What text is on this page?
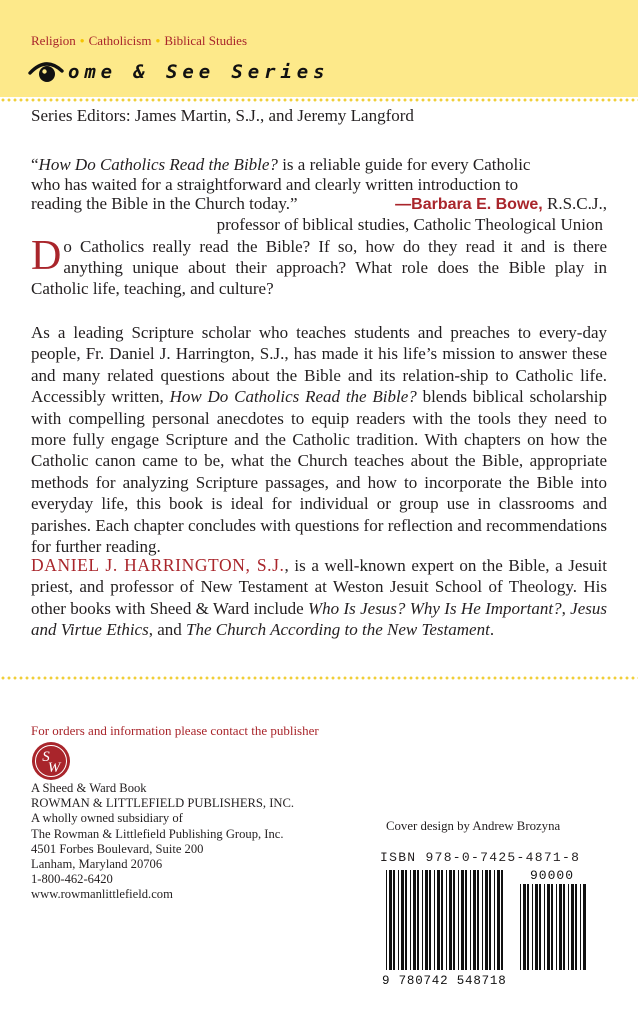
Religion ● Catholicism ● Biblical Studies
ome & See Series
Series Editors: James Martin, S.J., and Jeremy Langford
“How Do Catholics Read the Bible? is a reliable guide for every Catholic
who has waited for a straightforward and clearly written introduction to
reading the Bible in the Church today.”	—Barbara E. Bowe, R.S.C.J.,
professor of biblical studies, Catholic Theological Union
Do Catholics really read the Bible? If so, how do they read it and is there anything unique about their approach? What role does the Bible play in Catholic life, teaching, and culture?
As a leading Scripture scholar who teaches students and preaches to every-day people, Fr. Daniel J. Harrington, S.J., has made it his life’s mission to answer these and many related questions about the Bible and its relation-ship to Catholic life. Accessibly written, How Do Catholics Read the Bible? blends biblical scholarship with compelling personal anecdotes to equip readers with the tools they need to more fully engage Scripture and the Catholic tradition. With chapters on how the Catholic canon came to be, what the Church teaches about the Bible, appropriate methods for analyzing Scripture passages, and how to incorporate the Bible into everyday life, this book is ideal for individual or group use in classrooms and parishes. Each chapter concludes with questions for reflection and recommendations for further reading.
DANIEL J. HARRINGTON, S.J., is a well-known expert on the Bible, a Jesuit priest, and professor of New Testament at Weston Jesuit School of Theology. His other books with Sheed & Ward include Who Is Jesus? Why Is He Important?, Jesus and Virtue Ethics, and The Church According to the New Testament.
For orders and information please contact the publisher
S
W
A Sheed & Ward Book
ROWMAN & LITTLEFIELD PUBLISHERS, INC.
A wholly owned subsidiary of
The Rowman & Littlefield Publishing Group, Inc.
4501 Forbes Boulevard, Suite 200
Lanham, Maryland 20706
1-800-462-6420
www.rowmanlittlefield.com
Cover design by Andrew Brozyna
ISBN 978-0-7425-4871-8
90000
9 780742 548718
